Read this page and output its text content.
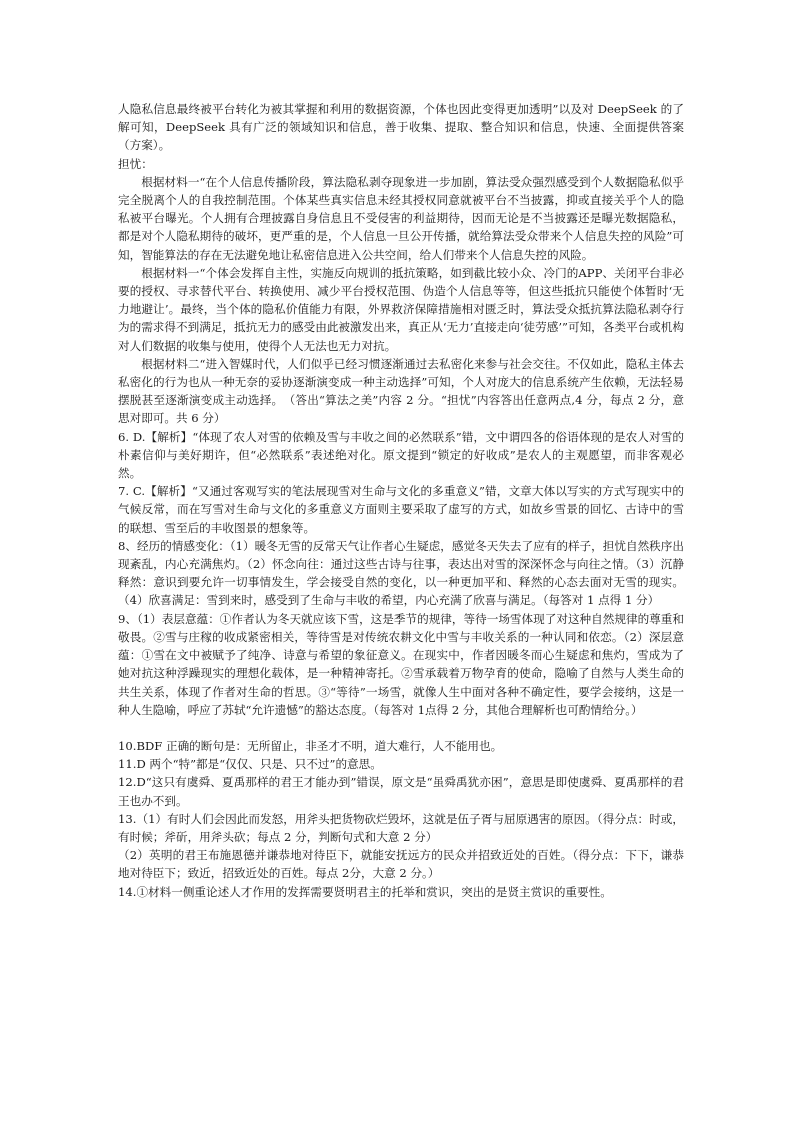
人隐私信息最终被平台转化为被其掌握和利用的数据资源，个体也因此变得更加透明”以及对 DeepSeek 的了解可知，DeepSeek 具有广泛的领域知识和信息，善于收集、提取、整合知识和信息，快速、全面提供答案（方案）。

担忧：

根据材料一“在个人信息传播阶段，算法隐私剥夺现象进一步加剧，算法受众强烈感受到个人数据隐私似乎完全脱离个人的自我控制范围。个体某些真实信息未经其授权同意就被平台不当披露，抑或直接关乎个人的隐私被平台曝光。个人拥有合理披露自身信息且不受侵害的利益期待，因而无论是不当披露还是曝光数据隐私，都是对个人隐私期待的破坏，更严重的是，个人信息一旦公开传播，就给算法受众带来个人信息失控的风险”可知，智能算法的存在无法避免地让私密信息进入公共空间，给人们带来个人信息失控的风险。

根据材料一“个体会发挥自主性，实施反向规训的抵抗策略，如到截比较小众、冷门的APP、关闭平台非必要的授权、寻求替代平台、转换使用、减少平台授权范围、伪造个人信息等等，但这些抵抗只能使个体暂时‘无力地避让’。最终，当个体的隐私价值能力有限，外界救济保障措施相对匮乏时，算法受众抵抗算法隐私剥夺行为的需求得不到满足，抵抗无力的感受由此被激发出来，真正从‘无力’直接走向‘徒劳感’”可知，各类平台或机构对人们数据的收集与使用，使得个人无法也无力对抗。

根据材料二“进入智媒时代，人们似乎已经习惯逐渐通过去私密化来参与社会交往。不仅如此，隐私主体去私密化的行为也从一种无奈的妥协逐渐演变成一种主动选择”可知，个人对庞大的信息系统产生依赖，无法轻易摆脱甚至逐渐演变成主动选择。　（答出“算法之美”内容 2 分。“担忧”内容答出任意两点,4 分，每点 2 分，意思对即可。共 6 分）

6. D.【解析】“体现了农人对雪的依赖及雪与丰收之间的必然联系”错，文中谓四各的俗语体现的是农人对雪的朴素信仰与美好期许，但“必然联系”表述绝对化。原文提到“锁定的好收成”是农人的主观愿望，而非客观必然。

7. C.【解析】“又通过客观写实的笔法展现雪对生命与文化的多重意义”错，文章大体以写实的方式写现实中的气候反常，而在写雪对生命与文化的多重意义方面则主要采取了虚写的方式，如故乡雪景的回忆、古诗中的雪的联想、雪至后的丰收图景的想象等。

8、经历的情感变化：（1）暖冬无雪的反常天气让作者心生疑虑，感觉冬天失去了应有的样子，担忧自然秩序出现紊乱，内心充满焦灼。（2）怀念向往：通过这些古诗与往事，表达出对雪的深深怀念与向往之情。（3）沉静释然：意识到要允许一切事情发生，学会接受自然的变化，以一种更加平和、释然的心态去面对无雪的现实。（4）欣喜满足：雪到来时，感受到了生命与丰收的希望，内心充满了欣喜与满足。（每答对 1 点得 1 分）

9、（1）表层意蕴：①作者认为冬天就应该下雪，这是季节的规律，等待一场雪体现了对这种自然规律的尊重和敬畏。②雪与庄稼的收成紧密相关，等待雪是对传统农耕文化中雪与丰收关系的一种认同和依恋。（2）深层意蕴：①雪在文中被赋予了纯净、诗意与希望的象征意义。在现实中，作者因暖冬而心生疑虑和焦灼，雪成为了她对抗这种浮躁现实的理想化载体，是一种精神寄托。②雪承载着万物孕育的使命，隐喻了自然与人类生命的共生关系，体现了作者对生命的哲思。③“等待”一场雪，就像人生中面对各种不确定性，要学会接纳，这是一种人生隐喻，呼应了苏轼“允许遗憾”的豁达态度。（每答对 1点得 2 分，其他合理解析也可酌情给分。）

10.BDF 正确的断句是：无所留止，非圣才不明，道大难行，人不能用也。

11.D 两个“特”都是“仅仅、只是、只不过”的意思。

12.D“这只有虞舜、夏禹那样的君王才能办到”错误，原文是“虽舜禹犹亦困”，意思是即使虞舜、夏禹那样的君王也办不到。

13.（1）有时人们会因此而发怒，用斧头把货物砍烂毁坏，这就是伍子胥与屈原遇害的原因。（得分点：时或，有时候；斧斫，用斧头砍；每点 2 分，判断句式和大意 2 分）

（2）英明的君王布施恩德并谦恭地对待臣下，就能安抚远方的民众并招致近处的百姓。（得分点：下下，谦恭地对待臣下；致近，招致近处的百姓。每点 2分，大意 2 分。）

14.①材料一侧重论述人才作用的发挥需要贤明君主的托举和赏识，突出的是贤主赏识的重要性。
